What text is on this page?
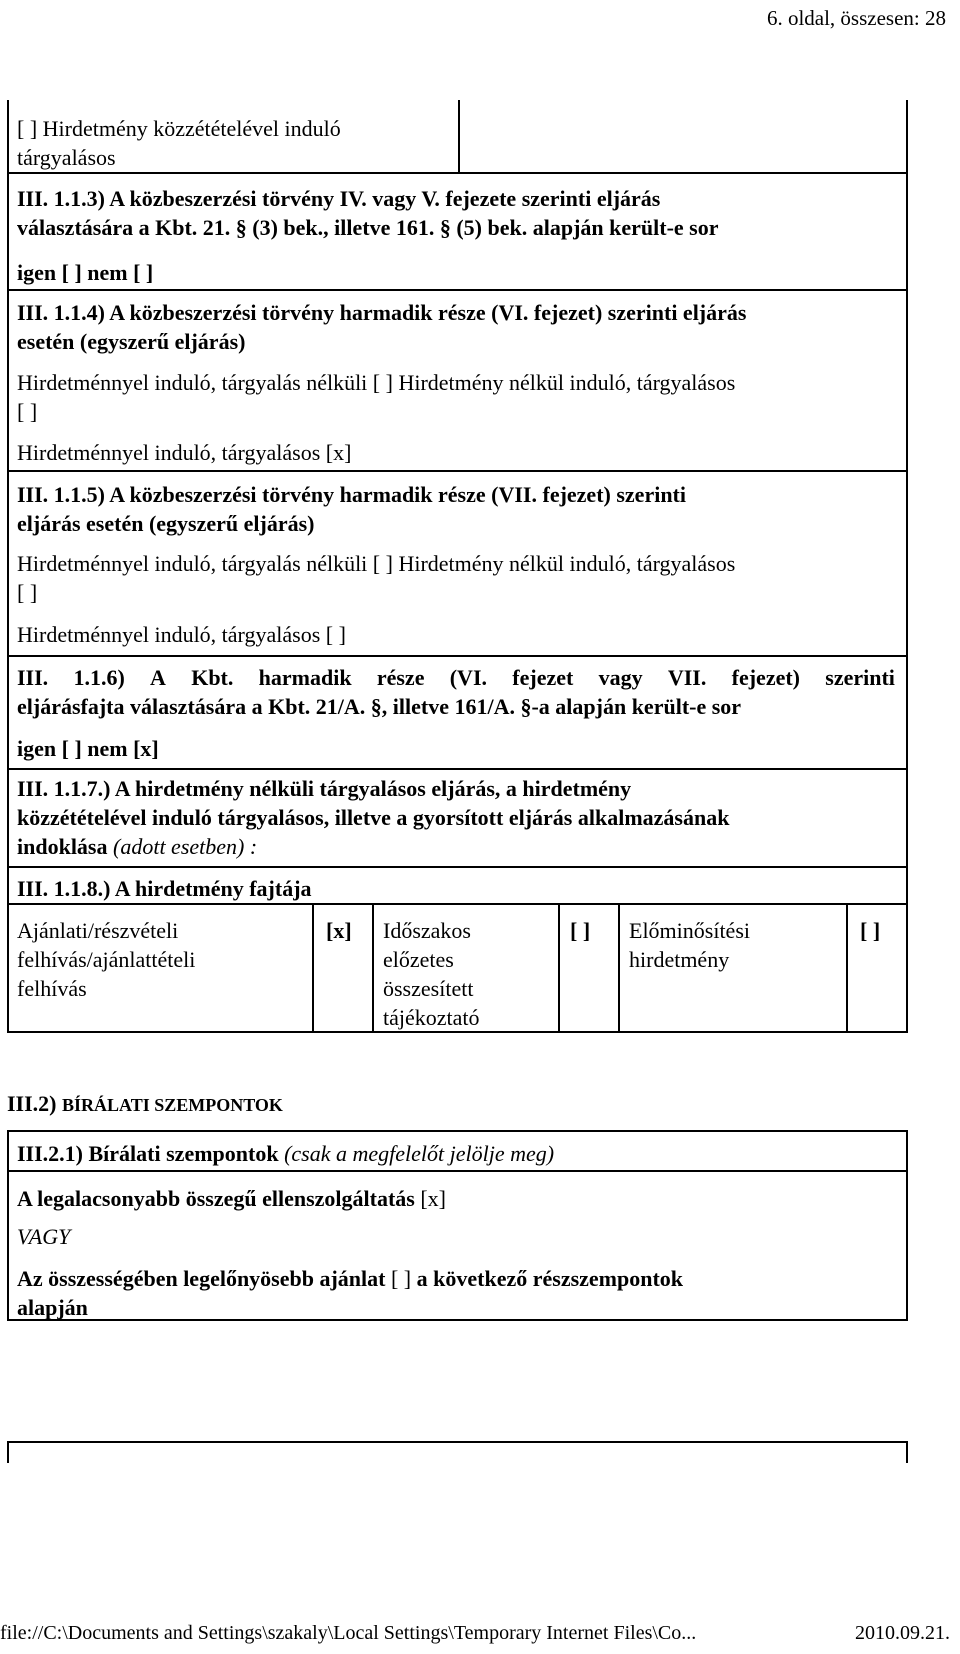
6. oldal, összesen: 28
[ ] Hirdetmény közzétételével induló
tárgyalásos
III. 1.1.3) A közbeszerzési törvény IV. vagy V. fejezete szerinti eljárás
választására a Kbt. 21. § (3) bek., illetve 161. § (5) bek. alapján került-e sor
igen [ ] nem [ ]
III. 1.1.4) A közbeszerzési törvény harmadik része (VI. fejezet) szerinti eljárás
esetén (egyszerű eljárás)
Hirdetménnyel induló, tárgyalás nélküli [ ] Hirdetmény nélkül induló, tárgyalásos
[ ]
Hirdetménnyel induló, tárgyalásos [x]
III. 1.1.5) A közbeszerzési törvény harmadik része (VII. fejezet) szerinti
eljárás esetén (egyszerű eljárás)
Hirdetménnyel induló, tárgyalás nélküli [ ] Hirdetmény nélkül induló, tárgyalásos
[ ]
Hirdetménnyel induló, tárgyalásos [ ]
III. 1.1.6) A Kbt. harmadik része (VI. fejezet vagy VII. fejezet) szerinti
eljárásfajta választására a Kbt. 21/A. §, illetve 161/A. §-a alapján került-e sor
igen [ ] nem [x]
III. 1.1.7.) A hirdetmény nélküli tárgyalásos eljárás, a hirdetmény
közzétételével induló tárgyalásos, illetve a gyorsított eljárás alkalmazásának
indoklása (adott esetben) :
III. 1.1.8.) A hirdetmény fajtája
Ajánlati/részvételi
felhívás/ajánlattételi
felhívás
[x] Időszakos
előzetes
összesített
tájékoztató
[ ] Előminősítési
hirdetmény
[ ]
III.2) BÍRÁLATI SZEMPONTOK
III.2.1) Bírálati szempontok (csak a megfelelőt jelölje meg)
A legalacsonyabb összegű ellenszolgáltatás [x]
VAGY
Az összességében legelőnyösebb ajánlat [ ] a következő részszempontok
alapján
file://C:\Documents and Settings\szakaly\Local Settings\Temporary Internet Files\Co...	2010.09.21.
